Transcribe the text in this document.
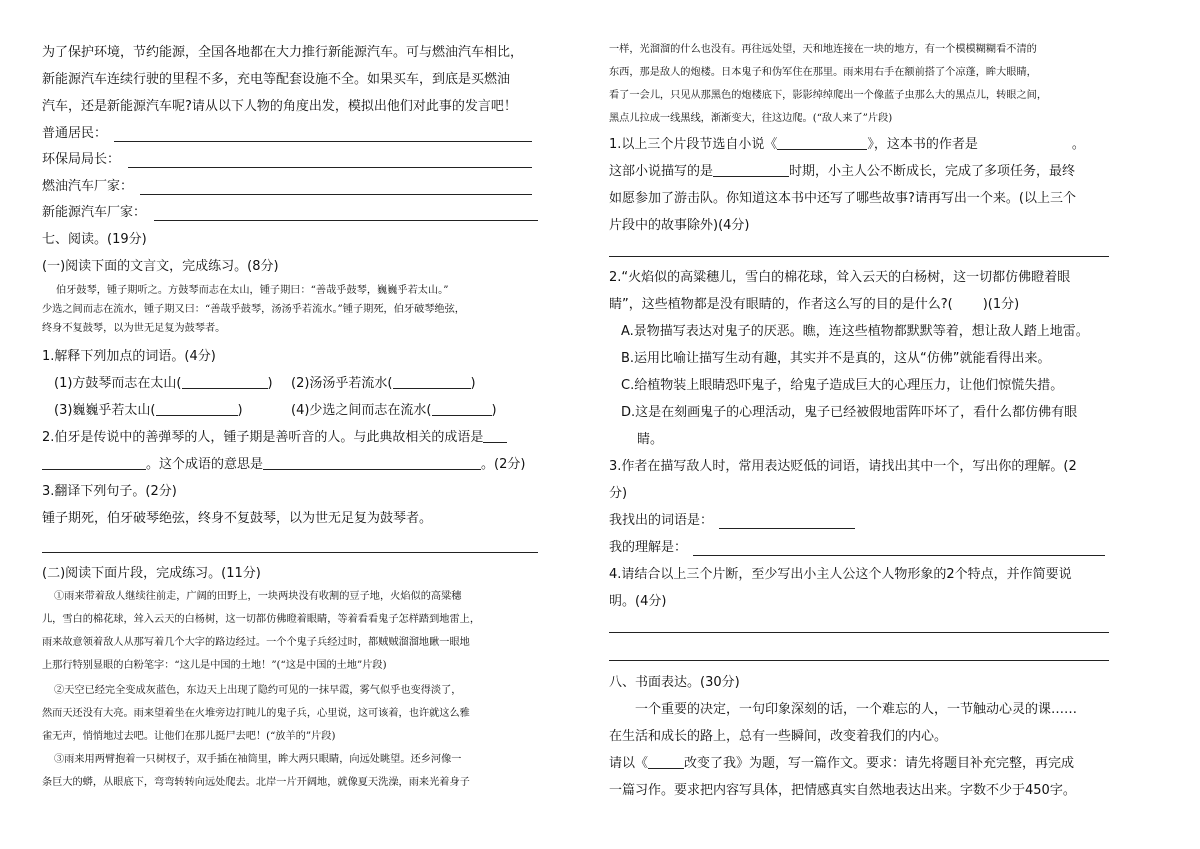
为了保护环境，节约能源，全国各地都在大力推行新能源汽车。可与燃油汽车相比，
新能源汽车连续行驶的里程不多，充电等配套设施不全。如果买车，到底是买燃油
汽车，还是新能源汽车呢?请从以下人物的角度出发，模拟出他们对此事的发言吧！
普通居民：
环保局局长：
燃油汽车厂家：
新能源汽车厂家：
七、阅读。(19分)
(一)阅读下面的文言文，完成练习。(8分)
伯牙鼓琴，锺子期听之。方鼓琴而志在太山，锺子期曰：“善哉乎鼓琴，巍巍乎若太山。”
少选之间而志在流水，锺子期又曰：“善哉乎鼓琴，汤汤乎若流水。”锺子期死，伯牙破琴绝弦，
终身不复鼓琴，以为世无足复为鼓琴者。
1.解释下列加点的词语。(4分)
(1)方鼓琴而志在太山(	) (2)汤汤乎若流水(	)
(3)巍巍乎若太山(	)	(4)少选之间而志在流水(	)
2.伯牙是传说中的善弹琴的人，锺子期是善听音的人。与此典故相关的成语是
。这个成语的意思是	。(2分)
3.翻译下列句子。(2分)
锺子期死，伯牙破琴绝弦，终身不复鼓琴，以为世无足复为鼓琴者。
(二)阅读下面片段，完成练习。(11分)
①雨来带着敌人继续往前走，广阔的田野上，一块两块没有收割的豆子地，火焰似的高粱穗
儿，雪白的棉花球，耸入云天的白杨树，这一切都仿佛瞪着眼睛，等着看看鬼子怎样踏到地雷上，
雨来故意领着敌人从那写着几个大字的路边经过。一个个鬼子兵经过时，都贼贼溜溜地瞅一眼地
上那行特别显眼的白粉笔字：“这儿是中国的土地！”(“这是中国的土地”片段)
②天空已经完全变成灰蓝色，东边天上出现了隐约可见的一抹早霞，雾气似乎也变得淡了，
然而天还没有大亮。雨来望着坐在火堆旁边打盹儿的鬼子兵，心里说，这可该着，也许就这么雅
雀无声，悄悄地过去吧。让他们在那儿挺尸去吧！(“放羊的”片段)
③雨来用两臂抱着一只树杈子，双手插在袖筒里，眸大两只眼睛，向远处眺望。还乡河像一
条巨大的蟒，从眼底下，弯弯转转向远处爬去。北岸一片开阔地，就像夏天洗澡，雨来光着身子
一样，光溜溜的什么也没有。再往远处望，天和地连接在一块的地方，有一个模模糊糊看不清的
东西，那是敌人的炮楼。日本鬼子和伪军住在那里。雨来用右手在额前搭了个凉蓬，眸大眼睛，
看了一会儿，只见从那黑色的炮楼底下，影影绰绰爬出一个像蓝子虫那么大的黑点儿，转眼之间，
黑点儿拉成一线黑线，渐渐变大，往这边爬。(“敌人来了”片段)
1.以上三个片段节选自小说《	》，这本书的作者是	。
这部小说描写的是	时期，小主人公不断成长，完成了多项任务，最终
如愿参加了游击队。你知道这本书中还写了哪些故事?请再写出一个来。(以上三个
片段中的故事除外)(4分)
2.“火焰似的高粱穗儿，雪白的棉花球，耸入云天的白杨树，这一切都仿佛瞪着眼
睛”，这些植物都是没有眼睛的，作者这么写的目的是什么?( )(1分)
A.景物描写表达对鬼子的厌恶。瞧，连这些植物都默默等着，想让敌人踏上地雷。
B.运用比喻让描写生动有趣，其实并不是真的，这从“仿佛”就能看得出来。
C.给植物装上眼睛恐吓鬼子，给鬼子造成巨大的心理压力，让他们惊慌失措。
D.这是在刻画鬼子的心理活动，鬼子已经被假地雷阵吓坏了，看什么都仿佛有眼
睛。
3.作者在描写敌人时，常用表达贬低的词语，请找出其中一个，写出你的理解。(2
分)
我找出的词语是：
我的理解是：
4.请结合以上三个片断，至少写出小主人公这个人物形象的2个特点，并作简要说
明。(4分)
八、书面表达。(30分)
一个重要的决定，一句印象深刻的话，一个难忘的人，一节触动心灵的课……
在生活和成长的路上，总有一些瞬间，改变着我们的内心。
请以《	改变了我》为题，写一篇作文。要求：请先将题目补充完整，再完成
一篇习作。要求把内容写具体，把情感真实自然地表达出来。字数不少于450字。
